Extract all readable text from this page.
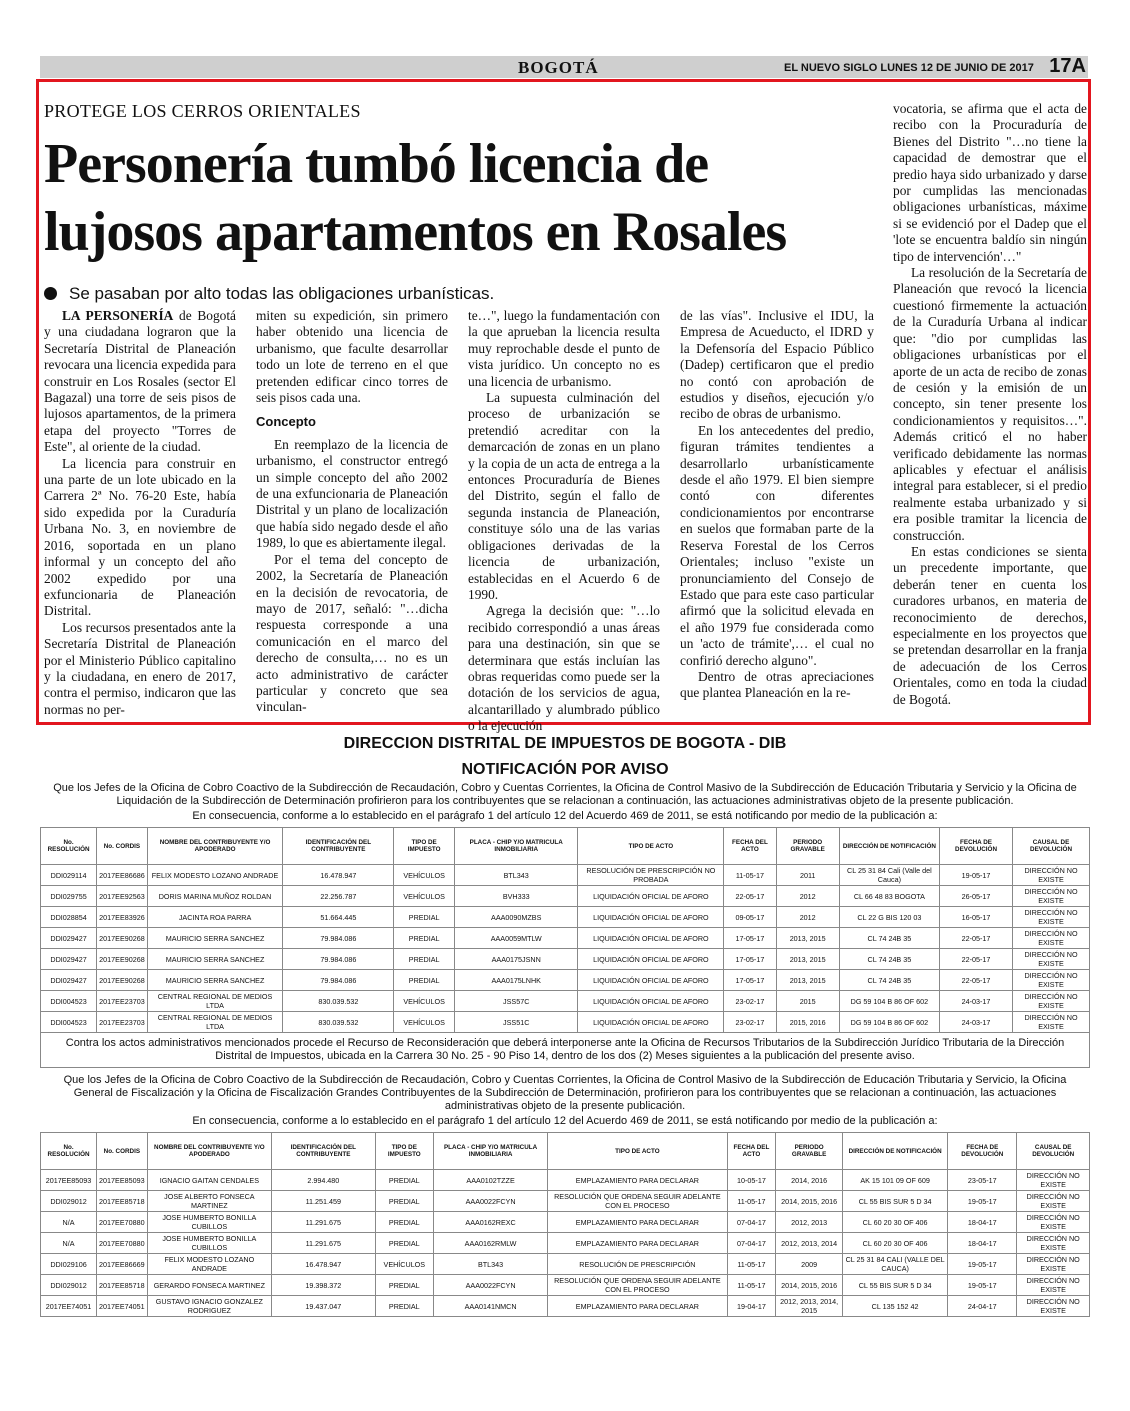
BOGOTÁ	EL NUEVO SIGLO LUNES 12 DE JUNIO DE 2017 17A
PROTEGE LOS CERROS ORIENTALES
Personería tumbó licencia de lujosos apartamentos en Rosales
Se pasaban por alto todas las obligaciones urbanísticas.

LA PERSONERÍA de Bogotá y una ciudadana lograron que la Secretaría Distrital de Planeación revocara una licencia expedida para construir en Los Rosales (sector El Bagazal) una torre de seis pisos de lujosos apartamentos, de la primera etapa del proyecto "Torres de Este", al oriente de la ciudad.

La licencia para construir en una parte de un lote ubicado en la Carrera 2ª No. 76-20 Este, había sido expedida por la Curaduría Urbana No. 3, en noviembre de 2016, soportada en un plano informal y un concepto del año 2002 expedido por una exfuncionaria de Planeación Distrital.

Los recursos presentados ante la Secretaría Distrital de Planeación por el Ministerio Público capitalino y la ciudadana, en enero de 2017, contra el permiso, indicaron que las normas no per-

miten su expedición, sin primero haber obtenido una licencia de urbanismo, que faculte desarrollar todo un lote de terreno en el que pretenden edificar cinco torres de seis pisos cada una.

Concepto

En reemplazo de la licencia de urbanismo, el constructor entregó un simple concepto del año 2002 de una exfuncionaria de Planeación Distrital y un plano de localización que había sido negado desde el año 1989, lo que es abiertamente ilegal.

Por el tema del concepto de 2002, la Secretaría de Planeación en la decisión de revocatoria, de mayo de 2017, señaló: "…dicha respuesta corresponde a una comunicación en el marco del derecho de consulta,… no es un acto administrativo de carácter particular y concreto que sea vinculan-

te…", luego la fundamentación con la que aprueban la licencia resulta muy reprochable desde el punto de vista jurídico. Un concepto no es una licencia de urbanismo.

La supuesta culminación del proceso de urbanización se pretendió acreditar con la demarcación de zonas en un plano y la copia de un acta de entrega a la entonces Procuraduría de Bienes del Distrito, según el fallo de segunda instancia de Planeación, constituye sólo una de las varias obligaciones derivadas de la licencia de urbanización, establecidas en el Acuerdo 6 de 1990.

Agrega la decisión que: "…lo recibido correspondió a unas áreas para una destinación, sin que se determinara que estás incluían las obras requeridas como puede ser la dotación de los servicios de agua, alcantarillado y alumbrado público o la ejecución

de las vías". Inclusive el IDU, la Empresa de Acueducto, el IDRD y la Defensoría del Espacio Público (Dadep) certificaron que el predio no contó con aprobación de estudios y diseños, ejecución y/o recibo de obras de urbanismo.

En los antecedentes del predio, figuran trámites tendientes a desarrollarlo urbanísticamente desde el año 1979. El bien siempre contó con diferentes condicionamientos por encontrarse en suelos que formaban parte de la Reserva Forestal de los Cerros Orientales; incluso "existe un pronunciamiento del Consejo de Estado que para este caso particular afirmó que la solicitud elevada en el año 1979 fue considerada como un 'acto de trámite',… el cual no confirió derecho alguno".

Dentro de otras apreciaciones que plantea Planeación en la re-

vocatoria, se afirma que el acta de recibo con la Procuraduría de Bienes del Distrito "…no tiene la capacidad de demostrar que el predio haya sido urbanizado y darse por cumplidas las mencionadas obligaciones urbanísticas, máxime si se evidenció por el Dadep que el 'lote se encuentra baldío sin ningún tipo de intervención'…"

La resolución de la Secretaría de Planeación que revocó la licencia cuestionó firmemente la actuación de la Curaduría Urbana al indicar que: "dio por cumplidas las obligaciones urbanísticas por el aporte de un acta de recibo de zonas de cesión y la emisión de un concepto, sin tener presente los condicionamientos y requisitos…". Además criticó el no haber verificado debidamente las normas aplicables y efectuar el análisis integral para establecer, si el predio realmente estaba urbanizado y si era posible tramitar la licencia de construcción.

En estas condiciones se sienta un precedente importante, que deberán tener en cuenta los curadores urbanos, en materia de reconocimiento de derechos, especialmente en los proyectos que se pretendan desarrollar en la franja de adecuación de los Cerros Orientales, como en toda la ciudad de Bogotá.

DIRECCION DISTRITAL DE IMPUESTOS DE BOGOTA - DIB
NOTIFICACIÓN POR AVISO
Que los Jefes de la Oficina de Cobro Coactivo de la Subdirección de Recaudación, Cobro y Cuentas Corrientes, la Oficina de Control Masivo de la Subdirección de Educación Tributaria y Servicio y la Oficina de Liquidación de la Subdirección de Determinación profirieron para los contribuyentes que se relacionan a continuación, las actuaciones administrativas objeto de la presente publicación.
En consecuencia, conforme a lo establecido en el parágrafo 1 del artículo 12 del Acuerdo 469 de 2011, se está notificando por medio de la publicación a:
No. RESOLUCIÓN	No. CORDIS	NOMBRE DEL CONTRIBUYENTE Y/O APODERADO	IDENTIFICACIÓN DEL CONTRIBUYENTE	TIPO DE IMPUESTO	PLACA - CHIP Y/O MATRICULA INMOBILIARIA	TIPO DE ACTO	FECHA DEL ACTO	PERIODO GRAVABLE	DIRECCIÓN DE NOTIFICACIÓN	FECHA DE DEVOLUCIÓN	CAUSAL DE DEVOLUCIÓN
DDI029114	2017EE86686	FELIX MODESTO LOZANO ANDRADE	16.478.947	VEHÍCULOS	BTL343	RESOLUCIÓN DE PRESCRIPCIÓN NO PROBADA	11-05-17	2011	CL 25 31 84 Cali (Valle del Cauca)	19-05-17	DIRECCIÓN NO EXISTE
DDI029755	2017EE92563	DORIS MARINA MUÑOZ ROLDAN	22.256.787	VEHÍCULOS	BVH333	LIQUIDACIÓN OFICIAL DE AFORO	22-05-17	2012	CL 66 48 83 BOGOTA	26-05-17	DIRECCIÓN NO EXISTE
DDI028854	2017EE83926	JACINTA ROA PARRA	51.664.445	PREDIAL	AAA0090MZBS	LIQUIDACIÓN OFICIAL DE AFORO	09-05-17	2012	CL 22 G BIS 120 03	16-05-17	DIRECCIÓN NO EXISTE
DDI029427	2017EE90268	MAURICIO SERRA SANCHEZ	79.984.086	PREDIAL	AAA0059MTLW	LIQUIDACIÓN OFICIAL DE AFORO	17-05-17	2013, 2015	CL 74 24B 35	22-05-17	DIRECCIÓN NO EXISTE
DDI029427	2017EE90268	MAURICIO SERRA SANCHEZ	79.984.086	PREDIAL	AAA0175JSNN	LIQUIDACIÓN OFICIAL DE AFORO	17-05-17	2013, 2015	CL 74 24B 35	22-05-17	DIRECCIÓN NO EXISTE
DDI029427	2017EE90268	MAURICIO SERRA SANCHEZ	79.984.086	PREDIAL	AAA0175LNHK	LIQUIDACIÓN OFICIAL DE AFORO	17-05-17	2013, 2015	CL 74 24B 35	22-05-17	DIRECCIÓN NO EXISTE
DDI004523	2017EE23703	CENTRAL REGIONAL DE MEDIOS LTDA	830.039.532	VEHÍCULOS	JSS57C	LIQUIDACIÓN OFICIAL DE AFORO	23-02-17	2015	DG 59 104 B 86 OF 602	24-03-17	DIRECCIÓN NO EXISTE
DDI004523	2017EE23703	CENTRAL REGIONAL DE MEDIOS LTDA	830.039.532	VEHÍCULOS	JSS51C	LIQUIDACIÓN OFICIAL DE AFORO	23-02-17	2015, 2016	DG 59 104 B 86 OF 602	24-03-17	DIRECCIÓN NO EXISTE
Contra los actos administrativos mencionados procede el Recurso de Reconsideración que deberá interponerse ante la Oficina de Recursos Tributarios de la Subdirección Jurídico Tributaria de la Dirección Distrital de Impuestos, ubicada en la Carrera 30 No. 25 - 90 Piso 14, dentro de los dos (2) Meses siguientes a la publicación del presente aviso.
Que los Jefes de la Oficina de Cobro Coactivo de la Subdirección de Recaudación, Cobro y Cuentas Corrientes, la Oficina de Control Masivo de la Subdirección de Educación Tributaria y Servicio, la Oficina General de Fiscalización y la Oficina de Fiscalización Grandes Contribuyentes de la Subdirección de Determinación, profirieron para los contribuyentes que se relacionan a continuación, las actuaciones administrativas objeto de la presente publicación.
En consecuencia, conforme a lo establecido en el parágrafo 1 del artículo 12 del Acuerdo 469 de 2011, se está notificando por medio de la publicación a:
No. RESOLUCIÓN	No. CORDIS	NOMBRE DEL CONTRIBUYENTE Y/O APODERADO	IDENTIFICACIÓN DEL CONTRIBUYENTE	TIPO DE IMPUESTO	PLACA - CHIP Y/O MATRICULA INMOBILIARIA	TIPO DE ACTO	FECHA DEL ACTO	PERIODO GRAVABLE	DIRECCIÓN DE NOTIFICACIÓN	FECHA DE DEVOLUCIÓN	CAUSAL DE DEVOLUCIÓN
2017EE85093	2017EE85093	IGNACIO GAITAN CENDALES	2.994.480	PREDIAL	AAA0102TZZE	EMPLAZAMIENTO PARA DECLARAR	10-05-17	2014, 2016	AK 15 101 09 OF 609	23-05-17	DIRECCIÓN NO EXISTE
DDI029012	2017EE85718	JOSE ALBERTO FONSECA MARTINEZ	11.251.459	PREDIAL	AAA0022FCYN	RESOLUCIÓN QUE ORDENA SEGUIR ADELANTE CON EL PROCESO	11-05-17	2014, 2015, 2016	CL 55 BIS SUR 5 D 34	19-05-17	DIRECCIÓN NO EXISTE
N/A	2017EE70880	JOSE HUMBERTO BONILLA CUBILLOS	11.291.675	PREDIAL	AAA0162REXC	EMPLAZAMIENTO PARA DECLARAR	07-04-17	2012, 2013	CL 60 20 30 OF 406	18-04-17	DIRECCIÓN NO EXISTE
N/A	2017EE70880	JOSE HUMBERTO BONILLA CUBILLOS	11.291.675	PREDIAL	AAA0162RMLW	EMPLAZAMIENTO PARA DECLARAR	07-04-17	2012, 2013, 2014	CL 60 20 30 OF 406	18-04-17	DIRECCIÓN NO EXISTE
DDI029106	2017EE86669	FELIX MODESTO LOZANO ANDRADE	16.478.947	VEHÍCULOS	BTL343	RESOLUCIÓN DE PRESCRIPCIÓN	11-05-17	2009	CL 25 31 84 CALI (VALLE DEL CAUCA)	19-05-17	DIRECCIÓN NO EXISTE
DDI029012	2017EE85718	GERARDO FONSECA MARTINEZ	19.398.372	PREDIAL	AAA0022FCYN	RESOLUCIÓN QUE ORDENA SEGUIR ADELANTE CON EL PROCESO	11-05-17	2014, 2015, 2016	CL 55 BIS SUR 5 D 34	19-05-17	DIRECCIÓN NO EXISTE
2017EE74051	2017EE74051	GUSTAVO IGNACIO GONZALEZ RODRIGUEZ	19.437.047	PREDIAL	AAA0141NMCN	EMPLAZAMIENTO PARA DECLARAR	19-04-17	2012, 2013, 2014, 2015	CL 135 152 42	24-04-17	DIRECCIÓN NO EXISTE
